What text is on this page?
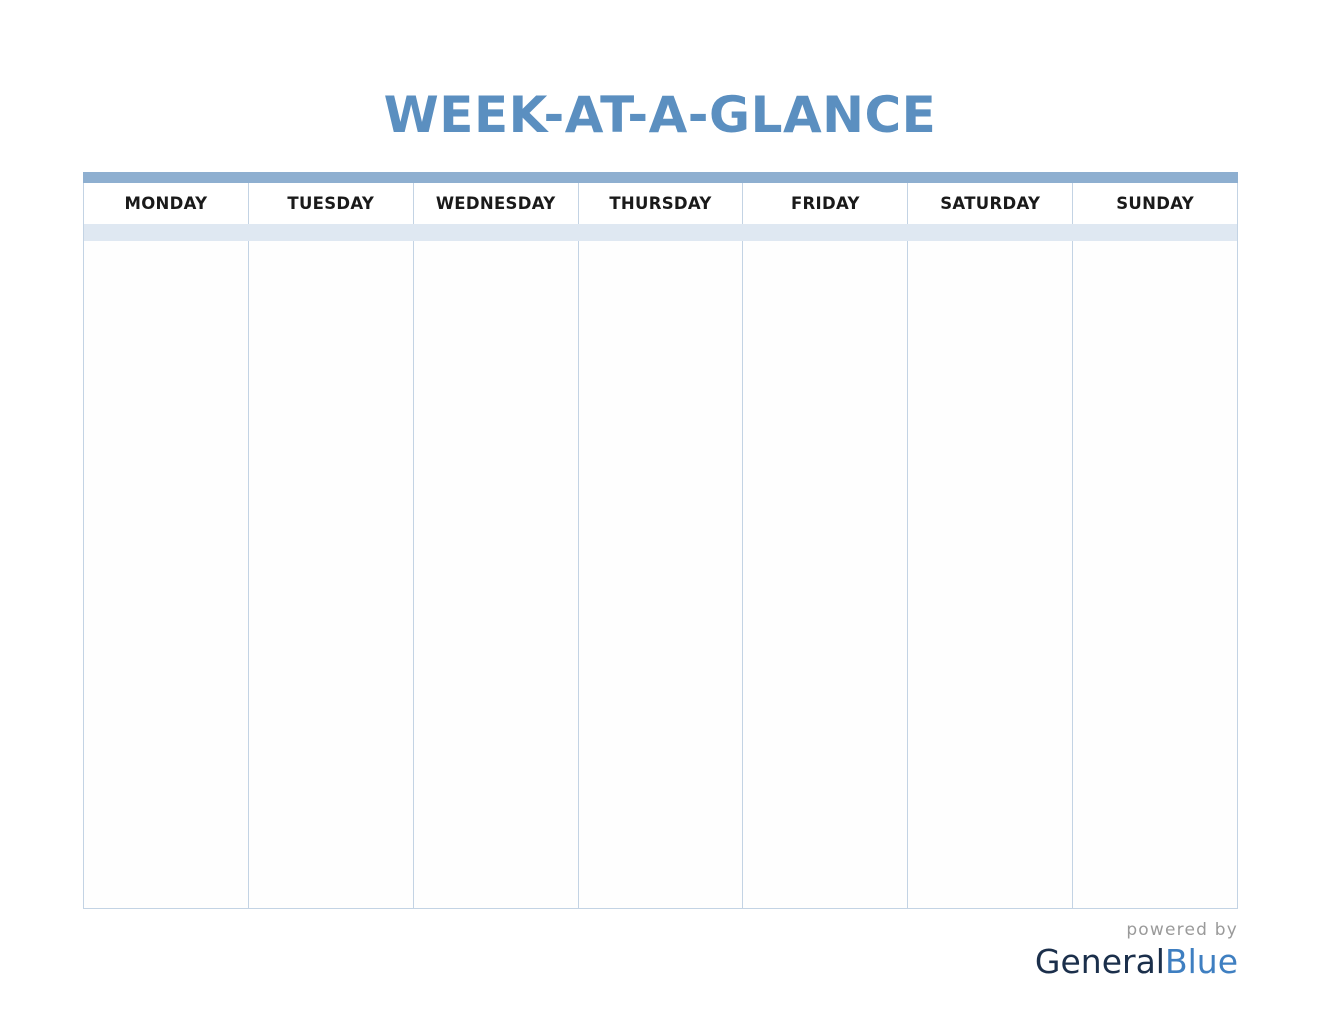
WEEK-AT-A-GLANCE
MONDAY	TUESDAY	WEDNESDAY	THURSDAY	FRIDAY	SATURDAY	SUNDAY
powered by
GeneralBlue
